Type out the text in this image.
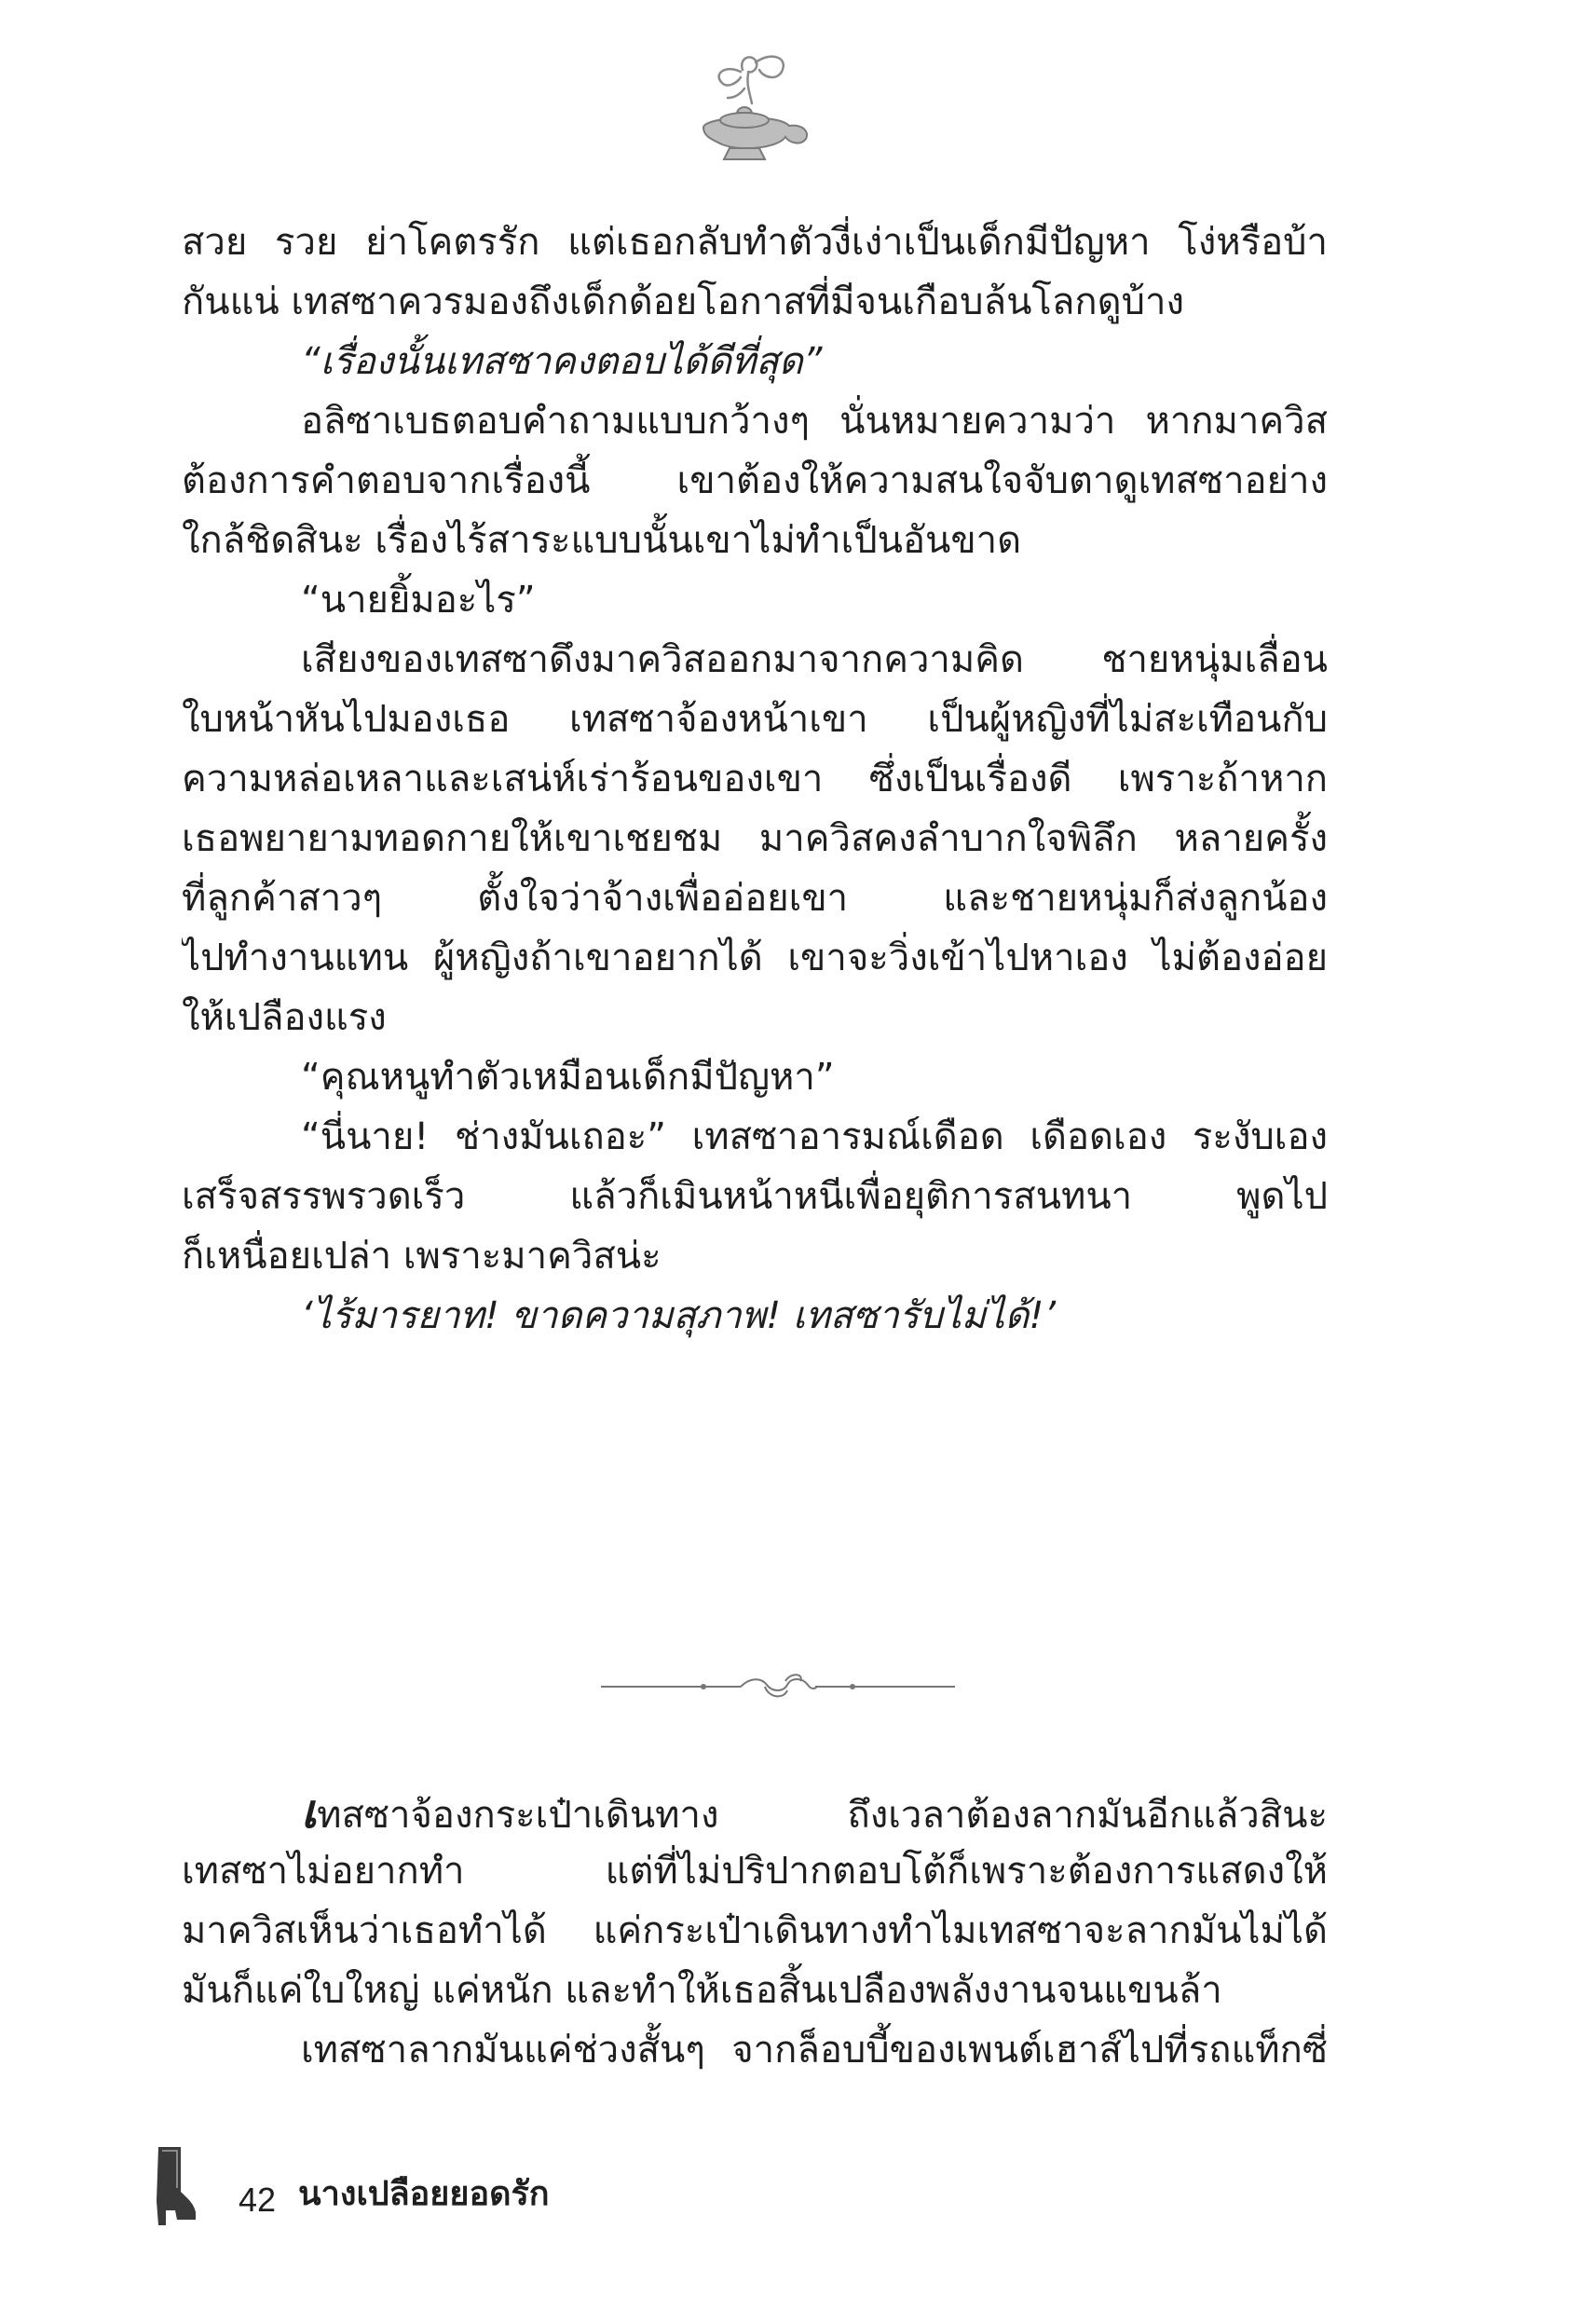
สวย รวย ย่าโคตรรัก แต่เธอกลับทำตัวงี่เง่าเป็นเด็กมีปัญหา โง่หรือบ้า
กันแน่ เทสซาควรมองถึงเด็กด้อยโอกาสที่มีจนเกือบล้นโลกดูบ้าง
“เรื่องนั้นเทสซาคงตอบได้ดีที่สุด”
อลิซาเบธตอบคำถามแบบกว้างๆ นั่นหมายความว่า หากมาควิส
ต้องการคำตอบจากเรื่องนี้ เขาต้องให้ความสนใจจับตาดูเทสซาอย่าง
ใกล้ชิดสินะ เรื่องไร้สาระแบบนั้นเขาไม่ทำเป็นอันขาด
“นายยิ้มอะไร”
เสียงของเทสซาดึงมาควิสออกมาจากความคิด ชายหนุ่มเลื่อน
ใบหน้าหันไปมองเธอ เทสซาจ้องหน้าเขา เป็นผู้หญิงที่ไม่สะเทือนกับ
ความหล่อเหลาและเสน่ห์เร่าร้อนของเขา ซึ่งเป็นเรื่องดี เพราะถ้าหาก
เธอพยายามทอดกายให้เขาเชยชม มาควิสคงลำบากใจพิลึก หลายครั้ง
ที่ลูกค้าสาวๆ ตั้งใจว่าจ้างเพื่ออ่อยเขา และชายหนุ่มก็ส่งลูกน้อง
ไปทำงานแทน ผู้หญิงถ้าเขาอยากได้ เขาจะวิ่งเข้าไปหาเอง ไม่ต้องอ่อย
ให้เปลืองแรง
“คุณหนูทำตัวเหมือนเด็กมีปัญหา”
“นี่นาย! ช่างมันเถอะ” เทสซาอารมณ์เดือด เดือดเอง ระงับเอง
เสร็จสรรพรวดเร็ว แล้วก็เมินหน้าหนีเพื่อยุติการสนทนา พูดไป
ก็เหนื่อยเปล่า เพราะมาควิสน่ะ
‘ไร้มารยาท! ขาดความสุภาพ! เทสซารับไม่ได้!’
เทสซาจ้องกระเป๋าเดินทาง ถึงเวลาต้องลากมันอีกแล้วสินะ
เทสซาไม่อยากทำ แต่ที่ไม่ปริปากตอบโต้ก็เพราะต้องการแสดงให้
มาควิสเห็นว่าเธอทำได้ แค่กระเป๋าเดินทางทำไมเทสซาจะลากมันไม่ได้
มันก็แค่ใบใหญ่ แค่หนัก และทำให้เธอสิ้นเปลืองพลังงานจนแขนล้า
เทสซาลากมันแค่ช่วงสั้นๆ จากล็อบบี้ของเพนต์เฮาส์ไปที่รถแท็กซี่
42 นางเปลือยยอดรัก
